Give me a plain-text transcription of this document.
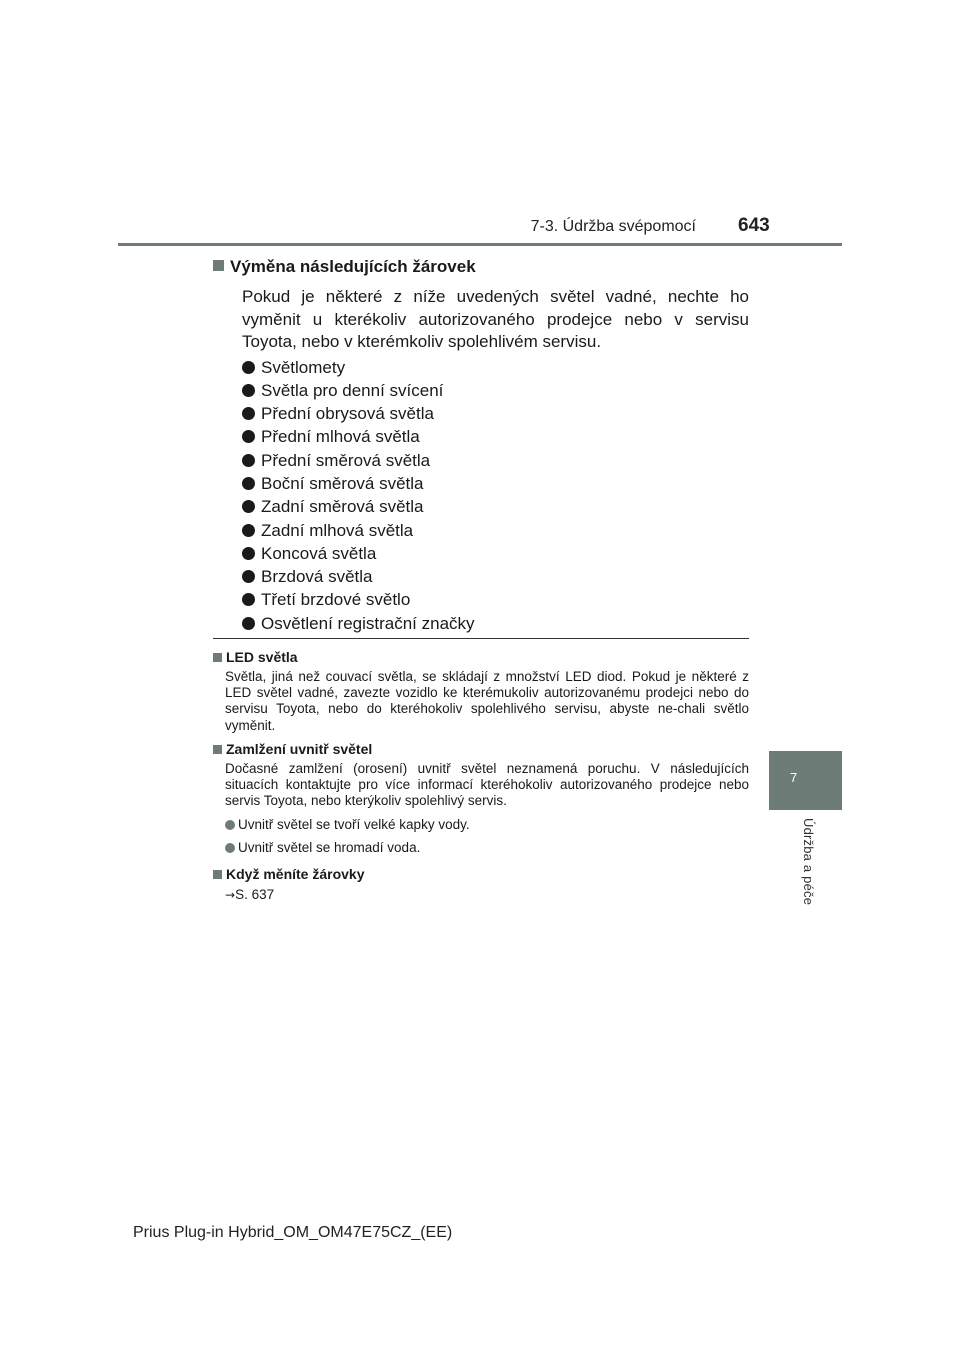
7-3. Údržba svépomocí 643
7
Údržba a péče
Výměna následujících žárovek

Pokud je některé z níže uvedených světel vadné, nechte ho vyměnit u kterékoliv autorizovaného prodejce nebo v servisu Toyota, nebo v kterémkoliv spolehlivém servisu.

Světlomety
Světla pro denní svícení
Přední obrysová světla
Přední mlhová světla
Přední směrová světla
Boční směrová světla
Zadní směrová světla
Zadní mlhová světla
Koncová světla
Brzdová světla
Třetí brzdové světlo
Osvětlení registrační značky
LED světla

Světla, jiná než couvací světla, se skládají z množství LED diod. Pokud je některé z LED světel vadné, zavezte vozidlo ke kterémukoliv autorizovanému prodejci nebo do servisu Toyota, nebo do kteréhokoliv spolehlivého servisu, abyste ne-chali světlo vyměnit.

Zamlžení uvnitř světel

Dočasné zamlžení (orosení) uvnitř světel neznamená poruchu. V následujících situacích kontaktujte pro více informací kteréhokoliv autorizovaného prodejce nebo servis Toyota, nebo kterýkoliv spolehlivý servis.

Uvnitř světel se tvoří velké kapky vody.
Uvnitř světel se hromadí voda.
Když měníte žárovky
→S. 637
Prius Plug-in Hybrid_OM_OM47E75CZ_(EE)
